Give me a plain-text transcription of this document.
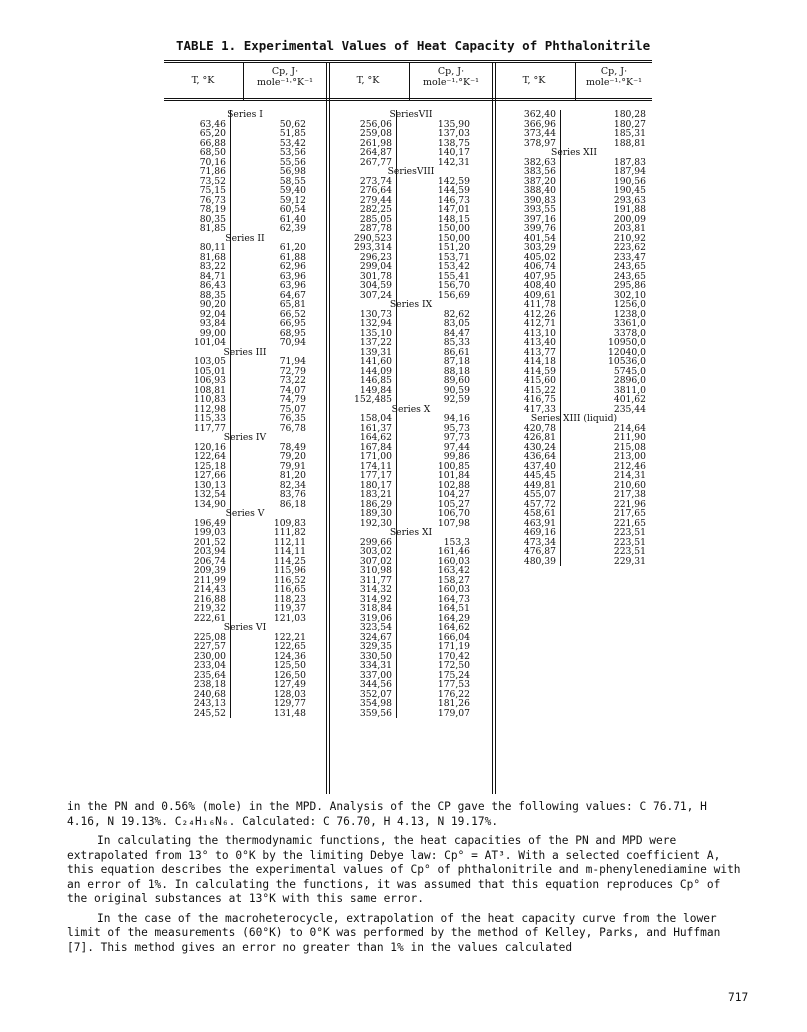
TABLE 1. Experimental Values of Heat Capacity of Phthalonitrile
T, °K
Cp, J·
mole⁻¹·°K⁻¹	T, °K
Cp, J·
mole⁻¹·°K⁻¹	T, °K
Cp, J·
mole⁻¹·°K⁻¹
Series I
63,46	50,62
65,20	51,85
66,88	53,42
68,50	53,56
70,16	55,56
71,86	56,98
73,52	58,55
75,15	59,40
76,73	59,12
78,19	60,54
80,35	61,40
81,85	62,39
Series II
80,11	61,20
81,68	61,88
83,22	62,96
84,71	63,96
86,43	63,96
88,35	64,67
90,20	65,81
92,04	66,52
93,84	66,95
99,00	68,95
101,04	70,94
Series III
103,05	71,94
105,01	72,79
106,93	73,22
108,81	74,07
110,83	74,79
112,98	75,07
115,33	76,35
117,77	76,78
Series IV
120,16	78,49
122,64	79,20
125,18	79,91
127,66	81,20
130,13	82,34
132,54	83,76
134,90	86,18
Series V
196,49	109,83
199,03	111,82
201,52	112,11
203,94	114,11
206,74	114,25
209,39	115,96
211,99	116,52
214,43	116,65
216,88	118,23
219,32	119,37
222,61	121,03
Series VI
225,08	122,21
227,57	122,65
230,00	124,36
233,04	125,50
235,64	126,50
238,18	127,49
240,68	128,03
243,13	129,77
245,52	131,48
SeriesVII
256,06	135,90
259,08	137,03
261,98	138,75
264,87	140,17
267,77	142,31
SeriesVIII
273,74	142,59
276,64	144,59
279,44	146,73
282,25	147,01
285,05	148,15
287,78	150,00
290,523	150,00
293,314	151,20
296,23	153,71
299,04	153,42
301,78	155,41
304,59	156,70
307,24	156,69
Series IX
130,73	82,62
132,94	83,05
135,10	84,47
137,22	85,33
139,31	86,61
141,60	87,18
144,09	88,18
146,85	89,60
149,84	90,59
152,485	92,59
Series X
158,04	94,16
161,37	95,73
164,62	97,73
167,84	97,44
171,00	99,86
174,11	100,85
177,17	101,84
180,17	102,88
183,21	104,27
186,29	105,27
189,30	106,70
192,30	107,98
Series XI
299,66	153,3
303,02	161,46
307,02	160,03
310,98	163,42
311,77	158,27
314,32	160,03
314,92	164,73
318,84	164,51
319,06	164,29
323,54	164,62
324,67	166,04
329,35	171,19
330,50	170,42
334,31	172,50
337,00	175,24
344,56	177,53
352,07	176,22
354,98	181,26
359,56	179,07
362,40	180,28
366,96	180,27
373,44	185,31
378,97	188,81
Series XII
382,63	187,83
383,56	187,94
387,20	190,56
388,40	190,45
390,83	293,63
393,55	191,88
397,16	200,09
399,76	203,81
401,54	210,92
303,29	223,62
405,02	233,47
406,74	243,65
407,95	243,65
408,40	295,86
409,61	302,10
411,78	1256,0
412,26	1238,0
412,71	3361,0
413,10	3378,0
413,40	10950,0
413,77	12040,0
414,18	10536,0
414,59	5745,0
415,60	2896,0
415,22	3811,0
416,75	401,62
417,33	235,44
Series XIII (liquid)
420,78	214,64
426,81	211,90
430,24	215,08
436,64	213,00
437,40	212,46
445,45	214,31
449,81	210,60
455,07	217,38
457,72	221,96
458,61	217,65
463,91	221,65
469,16	223,51
473,34	223,51
476,87	223,51
480,39	229,31

in the PN and 0.56% (mole) in the MPD. Analysis of the CP gave the following values: C 76.71, H 4.16, N 19.13%. C₂₄H₁₆N₆. Calculated: C 76.70, H 4.13, N 19.17%.

In calculating the thermodynamic functions, the heat capacities of the PN and MPD were extrapolated from 13° to 0°K by the limiting Debye law: Cp° = AT³. With a selected coefficient A, this equation describes the experimental values of Cp° of phthalonitrile and m-phenylenediamine with an error of 1%. In calculating the functions, it was assumed that this equation reproduces Cp° of the original substances at 13°K with this same error.

In the case of the macroheterocycle, extrapolation of the heat capacity curve from the lower limit of the measurements (60°K) to 0°K was performed by the method of Kelley, Parks, and Huffman [7]. This method gives an error no greater than 1% in the values calculated

717
